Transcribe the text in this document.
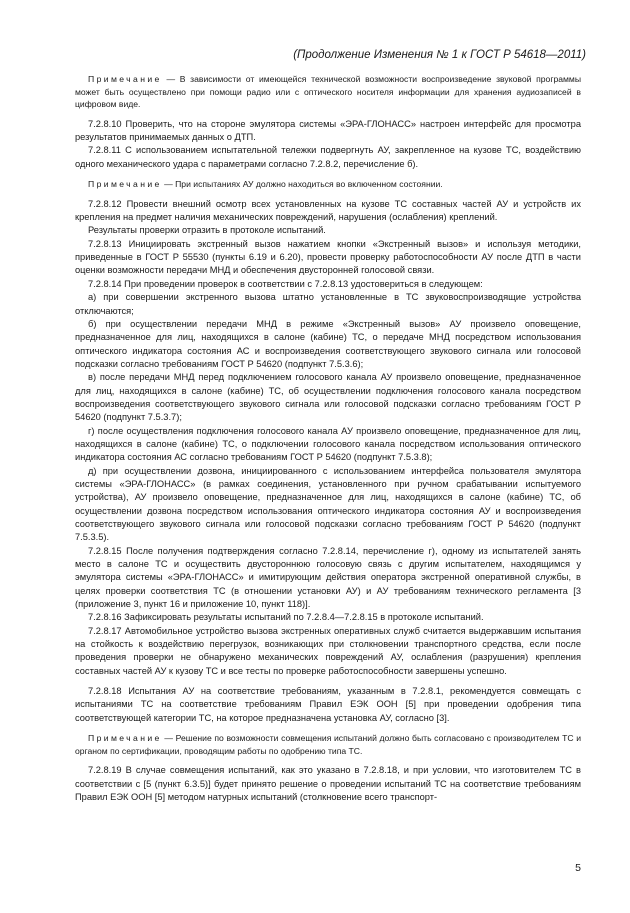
(Продолжение Изменения № 1 к ГОСТ Р 54618—2011)

Примечание — В зависимости от имеющейся технической возможности воспроизведение звуковой программы может быть осуществлено при помощи радио или с оптического носителя информации для хранения аудиозаписей в цифровом виде.

7.2.8.10 Проверить, что на стороне эмулятора системы «ЭРА-ГЛОНАСС» настроен интерфейс для просмотра результатов принимаемых данных о ДТП.

7.2.8.11 С использованием испытательной тележки подвергнуть АУ, закрепленное на кузове ТС, воздействию одного механического удара с параметрами согласно 7.2.8.2, перечисление б).

Примечание — При испытаниях АУ должно находиться во включенном состоянии.

7.2.8.12 Провести внешний осмотр всех установленных на кузове ТС составных частей АУ и устройств их крепления на предмет наличия механических повреждений, нарушения (ослабления) креплений.

Результаты проверки отразить в протоколе испытаний.

7.2.8.13 Инициировать экстренный вызов нажатием кнопки «Экстренный вызов» и используя методики, приведенные в ГОСТ Р 55530 (пункты 6.19 и 6.20), провести проверку работоспособности АУ после ДТП в части оценки возможности передачи МНД и обеспечения двусторонней голосовой связи.

7.2.8.14 При проведении проверок в соответствии с 7.2.8.13 удостовериться в следующем:

а) при совершении экстренного вызова штатно установленные в ТС звуковоспроизводящие устройства отключаются;

б) при осуществлении передачи МНД в режиме «Экстренный вызов» АУ произвело оповещение, предназначенное для лиц, находящихся в салоне (кабине) ТС, о передаче МНД посредством использования оптического индикатора состояния АС и воспроизведения соответствующего звукового сигнала или голосовой подсказки согласно требованиям ГОСТ Р 54620 (подпункт 7.5.3.6);

в) после передачи МНД перед подключением голосового канала АУ произвело оповещение, предназначенное для лиц, находящихся в салоне (кабине) ТС, об осуществлении подключения голосового канала посредством воспроизведения соответствующего звукового сигнала или голосовой подсказки согласно требованиям ГОСТ Р 54620 (подпункт 7.5.3.7);

г) после осуществления подключения голосового канала АУ произвело оповещение, предназначенное для лиц, находящихся в салоне (кабине) ТС, о подключении голосового канала посредством использования оптического индикатора состояния АС согласно требованиям ГОСТ Р 54620 (подпункт 7.5.3.8);

д) при осуществлении дозвона, инициированного с использованием интерфейса пользователя эмулятора системы «ЭРА-ГЛОНАСС» (в рамках соединения, установленного при ручном срабатывании испытуемого устройства), АУ произвело оповещение, предназначенное для лиц, находящихся в салоне (кабине) ТС, об осуществлении дозвона посредством использования оптического индикатора состояния АУ и воспроизведения соответствующего звукового сигнала или голосовой подсказки согласно требованиям ГОСТ Р 54620 (подпункт 7.5.3.5).

7.2.8.15 После получения подтверждения согласно 7.2.8.14, перечисление г), одному из испытателей занять место в салоне ТС и осуществить двустороннюю голосовую связь с другим испытателем, находящимся у эмулятора системы «ЭРА-ГЛОНАСС» и имитирующим действия оператора экстренной оперативной службы, в целях проверки соответствия ТС (в отношении установки АУ) и АУ требованиям технического регламента [3 (приложение 3, пункт 16 и приложение 10, пункт 118)].

7.2.8.16 Зафиксировать результаты испытаний по 7.2.8.4—7.2.8.15 в протоколе испытаний.

7.2.8.17 Автомобильное устройство вызова экстренных оперативных служб считается выдержавшим испытания на стойкость к воздействию перегрузок, возникающих при столкновении транспортного средства, если после проведения проверки не обнаружено механических повреждений АУ, ослабления (разрушения) крепления составных частей АУ к кузову ТС и все тесты по проверке работоспособности завершены успешно.

7.2.8.18 Испытания АУ на соответствие требованиям, указанным в 7.2.8.1, рекомендуется совмещать с испытаниями ТС на соответствие требованиям Правил ЕЭК ООН [5] при проведении одобрения типа соответствующей категории ТС, на которое предназначена установка АУ, согласно [3].

Примечание — Решение по возможности совмещения испытаний должно быть согласовано с производителем ТС и органом по сертификации, проводящим работы по одобрению типа ТС.

7.2.8.19 В случае совмещения испытаний, как это указано в 7.2.8.18, и при условии, что изготовителем ТС в соответствии с [5 (пункт 6.3.5)] будет принято решение о проведении испытаний ТС на соответствие требованиям Правил ЕЭК ООН [5] методом натурных испытаний (столкновение всего транспорт-

5
